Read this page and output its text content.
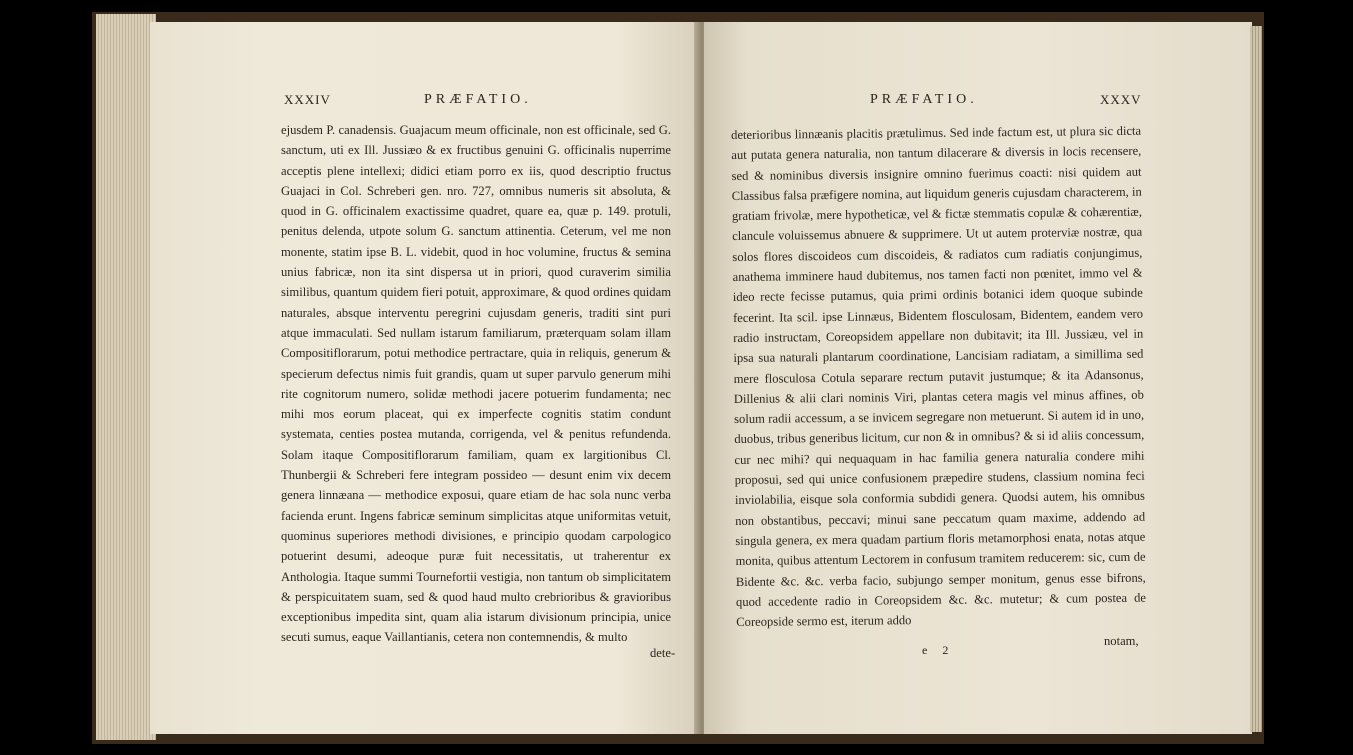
XXXIV	PRÆFATIO.
ejusdem P. canadensis. Guajacum meum officinale, non est officinale, sed G. sanctum, uti ex Ill. Jussiæo & ex fructibus genuini G. officinalis nuperrime acceptis plene intellexi; didici etiam porro ex iis, quod descriptio fructus Guajaci in Col. Schreberi gen. nro. 727, omnibus numeris sit absoluta, & quod in G. officinalem exactissime quadret, quare ea, quæ p. 149. protuli, penitus delenda, utpote solum G. sanctum attinentia. Ceterum, vel me non monente, statim ipse B. L. videbit, quod in hoc volumine, fructus & semina unius fabricæ, non ita sint dispersa ut in priori, quod curaverim similia similibus, quantum quidem fieri potuit, approximare, & quod ordines quidam naturales, absque interventu peregrini cujusdam generis, traditi sint puri atque immaculati. Sed nullam istarum familiarum, præterquam solam illam Compositiflorarum, potui methodice pertractare, quia in reliquis, generum & specierum defectus nimis fuit grandis, quam ut super parvulo generum mihi rite cognitorum numero, solidæ methodi jacere potuerim fundamenta; nec mihi mos eorum placeat, qui ex imperfecte cognitis statim condunt systemata, centies postea mutanda, corrigenda, vel & penitus refundenda. Solam itaque Compositiflorarum familiam, quam ex largitionibus Cl. Thunbergii & Schreberi fere integram possideo — desunt enim vix decem genera linnæana — methodice exposui, quare etiam de hac sola nunc verba facienda erunt. Ingens fabricæ seminum simplicitas atque uniformitas vetuit, quominus superiores methodi divisiones, e principio quodam carpologico potuerint desumi, adeoque puræ fuit necessitatis, ut traherentur ex Anthologia. Itaque summi Tournefortii vestigia, non tantum ob simplicitatem & perspicuitatem suam, sed & quod haud multo crebrioribus & gravioribus exceptionibus impedita sint, quam alia istarum divisionum principia, unice secuti sumus, eaque Vaillantianis, cetera non contemnendis, & multo
dete-
PRÆFATIO.	XXXV
deterioribus linnæanis placitis prætulimus. Sed inde factum est, ut plura sic dicta aut putata genera naturalia, non tantum dilacerare & diversis in locis recensere, sed & nominibus diversis insignire omnino fuerimus coacti: nisi quidem aut Classibus falsa præfigere nomina, aut liquidum generis cujusdam characterem, in gratiam frivolæ, mere hypotheticæ, vel & fictæ stemmatis copulæ & cohærentiæ, clancule voluissemus abnuere & supprimere. Ut ut autem proterviæ nostræ, qua solos flores discoideos cum discoideis, & radiatos cum radiatis conjungimus, anathema imminere haud dubitemus, nos tamen facti non pœnitet, immo vel & ideo recte fecisse putamus, quia primi ordinis botanici idem quoque subinde fecerint. Ita scil. ipse Linnæus, Bidentem flosculosam, Bidentem, eandem vero radio instructam, Coreopsidem appellare non dubitavit; ita Ill. Jussiæu, vel in ipsa sua naturali plantarum coordinatione, Lancisiam radiatam, a simillima sed mere flosculosa Cotula separare rectum putavit justumque; & ita Adansonus, Dillenius & alii clari nominis Viri, plantas cetera magis vel minus affines, ob solum radii accessum, a se invicem segregare non metuerunt. Si autem id in uno, duobus, tribus generibus licitum, cur non & in omnibus? & si id aliis concessum, cur nec mihi? qui nequaquam in hac familia genera naturalia condere mihi proposui, sed qui unice confusionem præpedire studens, classium nomina feci inviolabilia, eisque sola conformia subdidi genera. Quodsi autem, his omnibus non obstantibus, peccavi; minui sane peccatum quam maxime, addendo ad singula genera, ex mera quadam partium floris metamorphosi enata, notas atque monita, quibus attentum Lectorem in confusum tramitem reducerem: sic, cum de Bidente &c. &c. verba facio, subjungo semper monitum, genus esse bifrons, quod accedente radio in Coreopsidem &c. &c. mutetur; & cum postea de Coreopside sermo est, iterum addo
e 2
notam,
